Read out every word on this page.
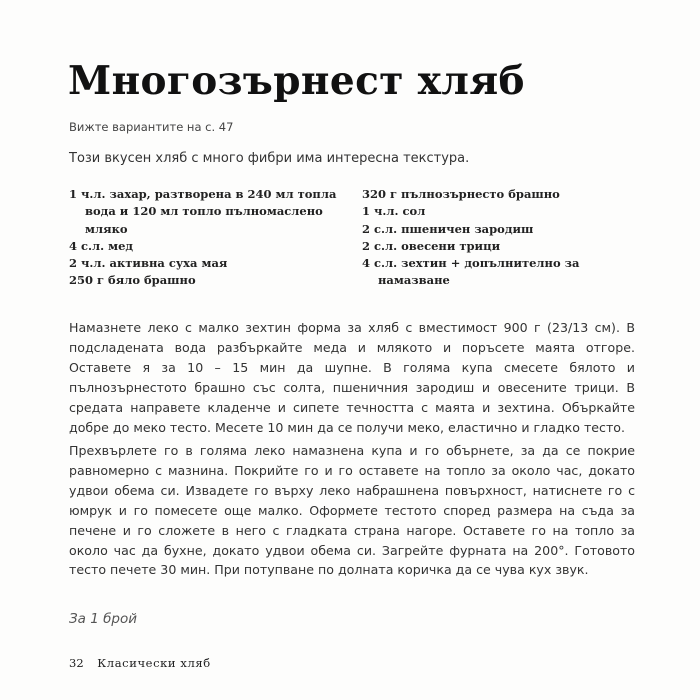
Многозърнест хляб
Вижте вариантите на с. 47
Този вкусен хляб с много фибри има интересна текстура.
1 ч.л. захар, разтворена в 240 мл топла вода и 120 мл топло пълномаслено мляко
4 с.л. мед
2 ч.л. активна суха мая
250 г бяло брашно
320 г пълнозърнесто брашно
1 ч.л. сол
2 с.л. пшеничен зародиш
2 с.л. овесени трици
4 с.л. зехтин + допълнително за намазване

Намазнете леко с малко зехтин форма за хляб с вместимост 900 г (23/13 см). В подсладената вода разбъркайте меда и млякото и поръсете маята отгоре. Оставете я за 10 – 15 мин да шупне. В голяма купа смесете бялото и пълнозърнестото брашно със солта, пшеничния зародиш и овесените трици. В средата направете кладенче и сипете течността с маята и зехтина. Объркайте добре до меко тесто. Месете 10 мин да се получи меко, еластично и гладко тесто.

Прехвърлете го в голяма леко намазнена купа и го обърнете, за да се покрие равномерно с мазнина. Покрийте го и го оставете на топло за около час, докато удвои обема си. Извадете го върху леко набрашнена повърхност, натиснете го с юмрук и го помесете още малко. Оформете тестото според размера на съда за печене и го сложете в него с гладката страна нагоре. Оставете го на топло за около час да бухне, докато удвои обема си. Загрейте фурната на 200°. Готовото тесто печете 30 мин. При потупване по долната коричка да се чува кух звук.

За 1 брой
32 Класически хляб
